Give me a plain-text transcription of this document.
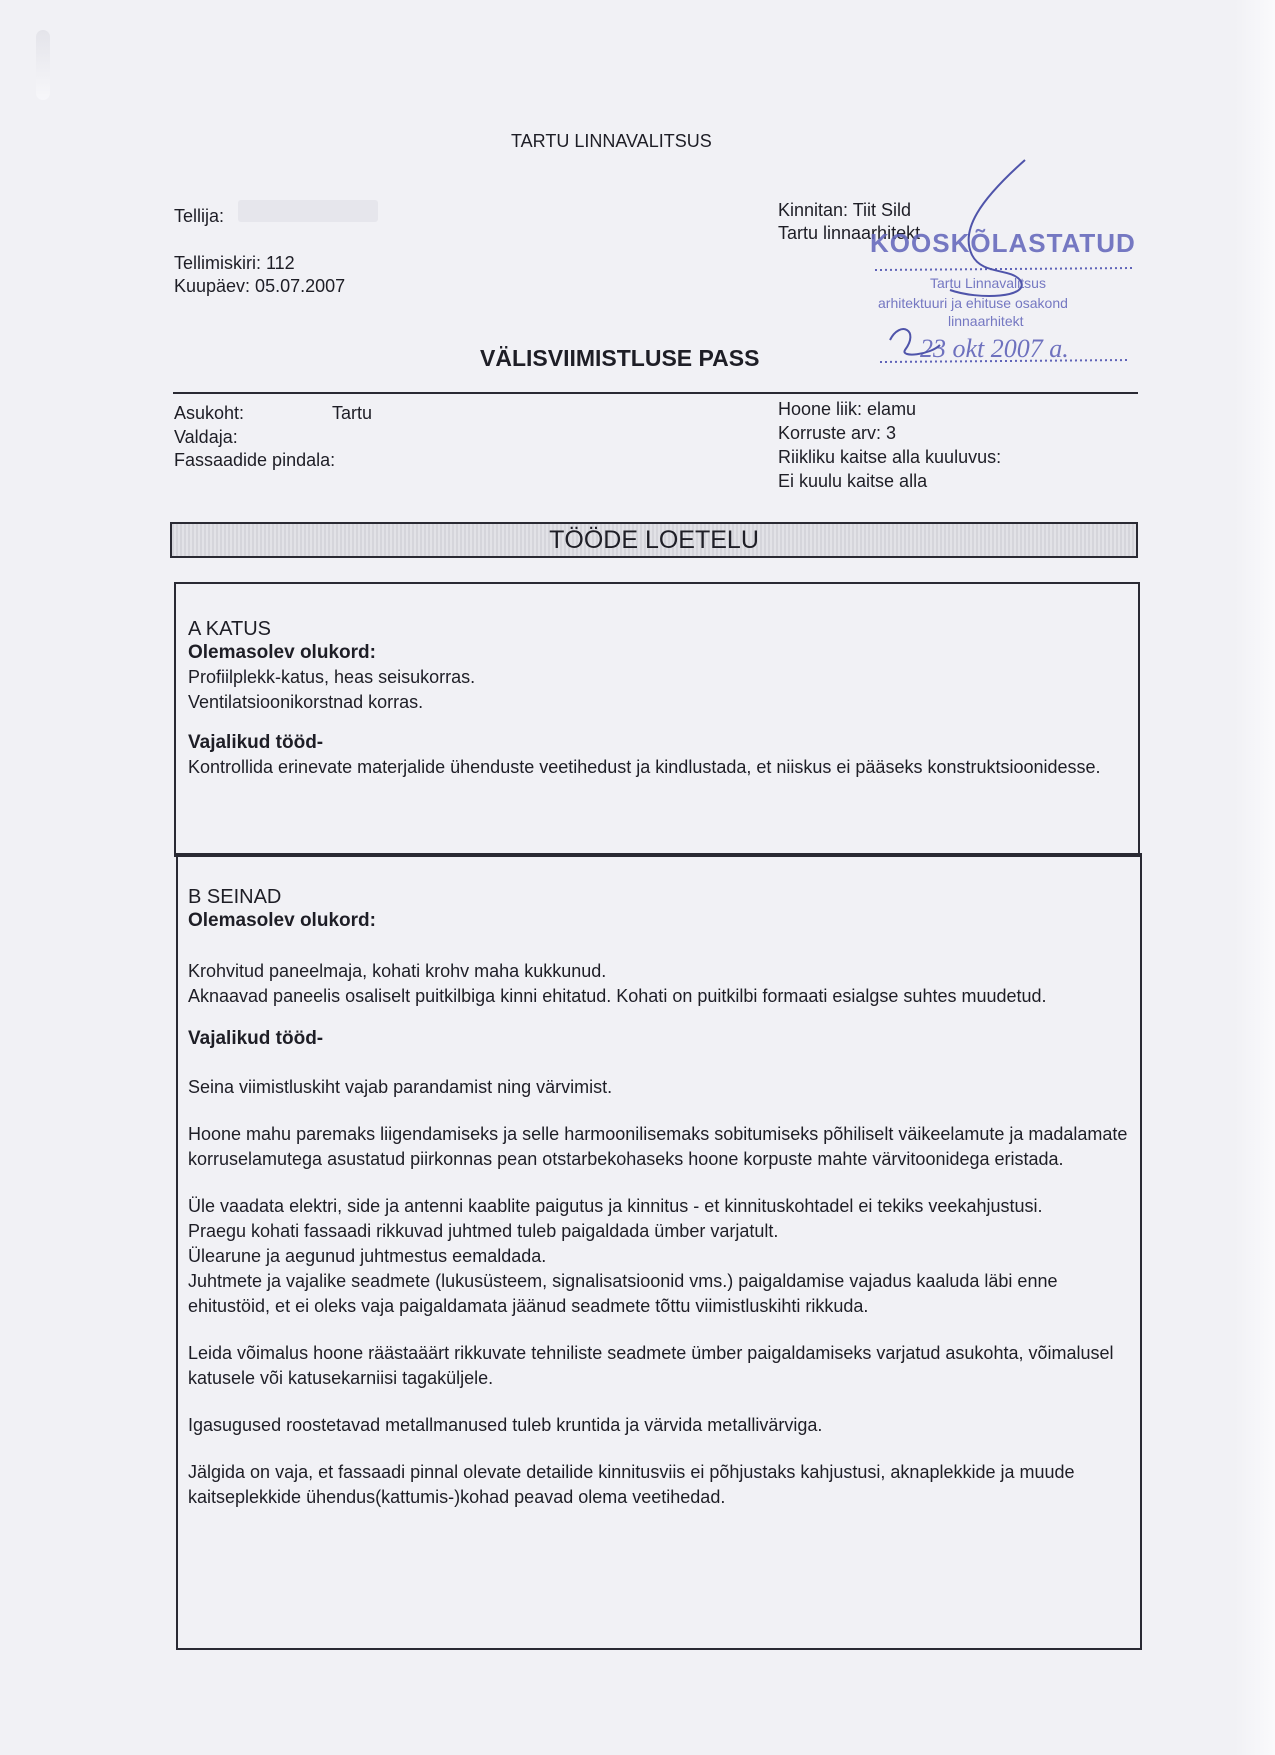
TARTU LINNAVALITSUS
Tellija:
Tellimiskiri: 112
Kuupäev: 05.07.2007
Kinnitan: Tiit Sild
Tartu linnaarhitekt
VÄLISVIIMISTLUSE PASS
KOOSKÕLASTATUD
Tartu Linnavalitsus
arhitektuuri ja ehituse osakond
linnaarhitekt
23 okt 2007 a.
Asukoht:	Tartu
Valdaja:
Fassaadide pindala:
Hoone liik: elamu
Korruste arv: 3
Riikliku kaitse alla kuuluvus:
Ei kuulu kaitse alla
TÖÖDE LOETELU
A KATUS
Olemasolev olukord:

Profiilplekk-katus, heas seisukorras.

Ventilatsioonikorstnad korras.

Vajalikud tööd-

Kontrollida erinevate materjalide ühenduste veetihedust ja kindlustada, et niiskus ei pääseks konstruktsioonidesse.

B SEINAD
Olemasolev olukord:

Krohvitud paneelmaja, kohati krohv maha kukkunud.

Aknaavad paneelis osaliselt puitkilbiga kinni ehitatud. Kohati on puitkilbi formaati esialgse suhtes muudetud.

Vajalikud tööd-

Seina viimistluskiht vajab parandamist ning värvimist.

Hoone mahu paremaks liigendamiseks ja selle harmoonilisemaks sobitumiseks põhiliselt väikeelamute ja madalamate korruselamutega asustatud piirkonnas pean otstarbekohaseks hoone korpuste mahte värvitoonidega eristada.

Üle vaadata elektri, side ja antenni kaablite paigutus ja kinnitus - et kinnituskohtadel ei tekiks veekahjustusi.

Praegu kohati fassaadi rikkuvad juhtmed tuleb paigaldada ümber varjatult.

Ülearune ja aegunud juhtmestus eemaldada.

Juhtmete ja vajalike seadmete (lukusüsteem, signalisatsioonid vms.) paigaldamise vajadus kaaluda läbi enne ehitustöid, et ei oleks vaja paigaldamata jäänud seadmete tõttu viimistluskihti rikkuda.

Leida võimalus hoone räästaäärt rikkuvate tehniliste seadmete ümber paigaldamiseks varjatud asukohta, võimalusel katusele või katusekarniisi tagaküljele.

Igasugused roostetavad metallmanused tuleb kruntida ja värvida metallivärviga.

Jälgida on vaja, et fassaadi pinnal olevate detailide kinnitusviis ei põhjustaks kahjustusi, aknaplekkide ja muude kaitseplekkide ühendus(kattumis-)kohad peavad olema veetihedad.
